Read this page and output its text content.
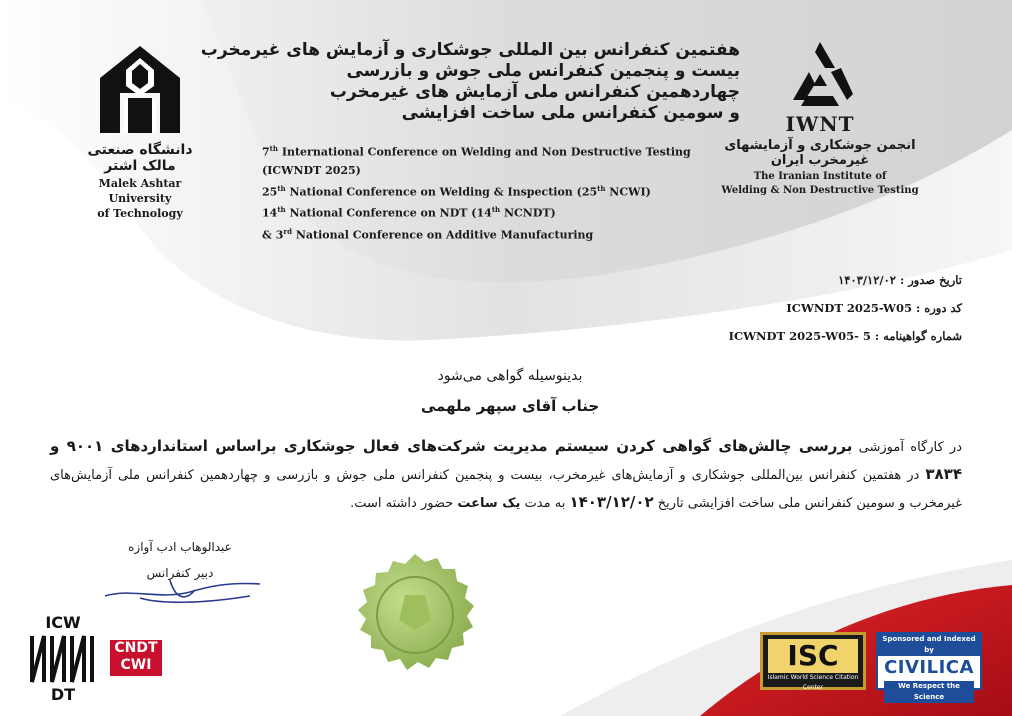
دانشگاه صنعتی مالک اشتر
Malek Ashtar University
of Technology
IWNT
انجمن جوشکاری و آزمایشهای غیرمخرب ایران
The Iranian Institute of
Welding & Non Destructive Testing
هفتمین کنفرانس بین المللی جوشکاری و آزمایش های غیرمخرب
بیست و پنجمین کنفرانس ملی جوش و بازرسی
چهاردهمین کنفرانس ملی آزمایش های غیرمخرب
و سومین کنفرانس ملی ساخت افزایشی
7th International Conference on Welding and Non Destructive Testing (ICWNDT 2025)
25th National Conference on Welding & Inspection (25th NCWI)
14th National Conference on NDT (14th NCNDT)
& 3rd National Conference on Additive Manufacturing
تاریخ صدور : ۱۴۰۳/۱۲/۰۲
کد دوره : ICWNDT 2025-W05
شماره گواهینامه : ICWNDT 2025-W05- 5
بدینوسیله گواهی می‌شود
جناب آقای سپهر ملهمی
در کارگاه آموزشی بررسی چالش‌های گواهی کردن سیستم مدیریت شرکت‌های فعال جوشکاری براساس استانداردهای ۹۰۰۱ و ۳۸۳۴ در هفتمین کنفرانس بین‌المللی جوشکاری و آزمایش‌های غیرمخرب، بیست و پنجمین کنفرانس ملی جوش و بازرسی و چهاردهمین کنفرانس ملی آزمایش‌های غیرمخرب و سومین کنفرانس ملی ساخت افزایشی تاریخ ۱۴۰۳/۱۲/۰۲ به مدت یک ساعت حضور داشته است.
عبدالوهاب ادب آوازه
دبیر کنفرانس
ICW
DT
CNDT
CWI	ISC
Islamic World Science Citation Center
Sponsored and Indexed by
CIVILICA
We Respect the Science
